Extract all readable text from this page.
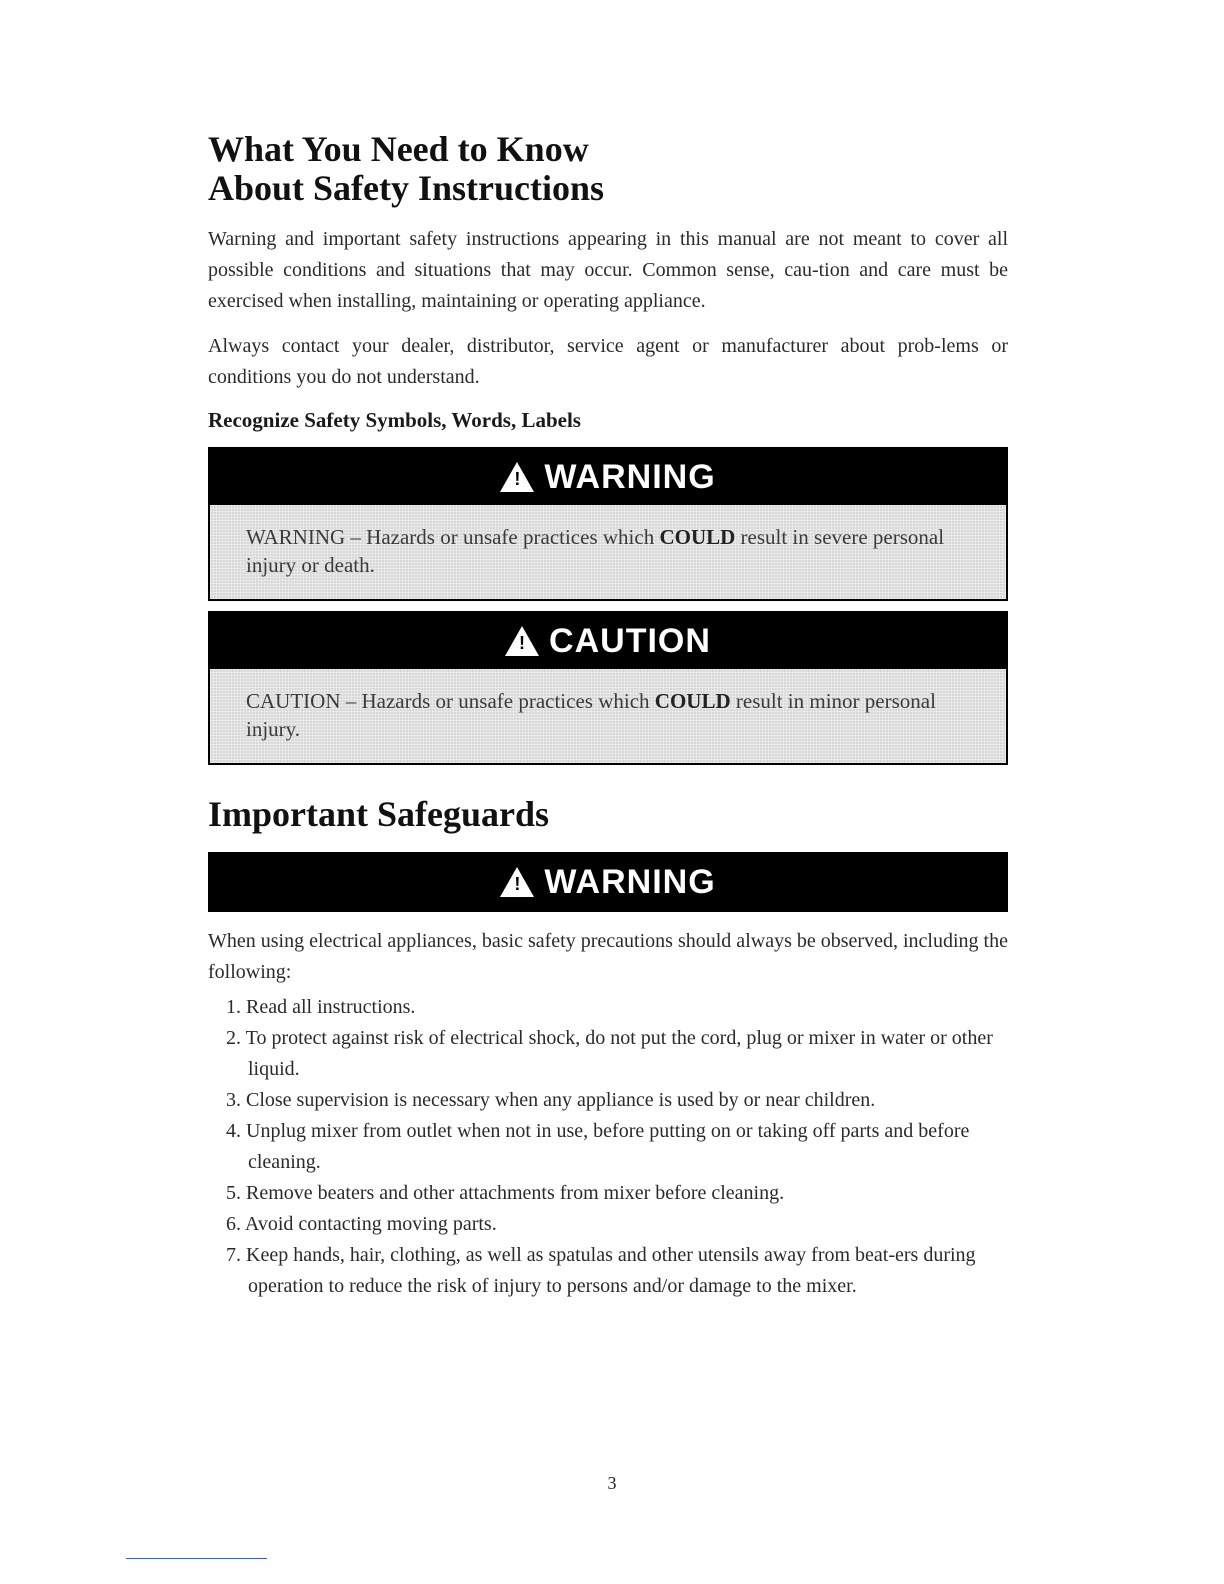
What You Need to Know
About Safety Instructions

Warning and important safety instructions appearing in this manual are not meant to cover all possible conditions and situations that may occur. Common sense, cau-tion and care must be exercised when installing, maintaining or operating appliance.

Always contact your dealer, distributor, service agent or manufacturer about prob-lems or conditions you do not understand.

Recognize Safety Symbols, Words, Labels
! WARNING
WARNING – Hazards or unsafe practices which COULD result in severe personal injury or death.
! CAUTION
CAUTION – Hazards or unsafe practices which COULD result in minor personal injury.
Important Safeguards
! WARNING

When using electrical appliances, basic safety precautions should always be observed, including the following:

1. Read all instructions.
2. To protect against risk of electrical shock, do not put the cord, plug or mixer in water or other liquid.
3. Close supervision is necessary when any appliance is used by or near children.
4. Unplug mixer from outlet when not in use, before putting on or taking off parts and before cleaning.
5. Remove beaters and other attachments from mixer before cleaning.
6. Avoid contacting moving parts.
7. Keep hands, hair, clothing, as well as spatulas and other utensils away from beat-ers during operation to reduce the risk of injury to persons and/or damage to the mixer.
3
